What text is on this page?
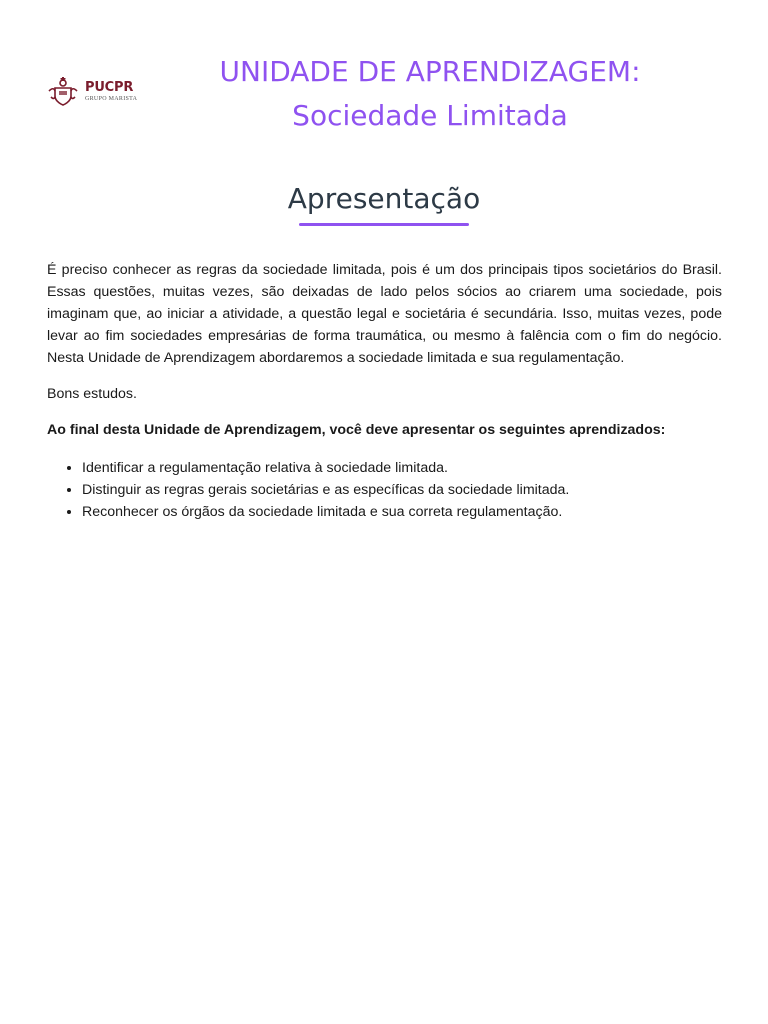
PUCPR
GRUPO MARISTA
UNIDADE DE APRENDIZAGEM:
Sociedade Limitada
Apresentação

É preciso conhecer as regras da sociedade limitada, pois é um dos principais tipos societários do Brasil. Essas questões, muitas vezes, são deixadas de lado pelos sócios ao criarem uma sociedade, pois imaginam que, ao iniciar a atividade, a questão legal e societária é secundária. Isso, muitas vezes, pode levar ao fim sociedades empresárias de forma traumática, ou mesmo à falência com o fim do negócio. Nesta Unidade de Aprendizagem abordaremos a sociedade limitada e sua regulamentação.

Bons estudos.

Ao final desta Unidade de Aprendizagem, você deve apresentar os seguintes aprendizados:

• Identificar a regulamentação relativa à sociedade limitada.
• Distinguir as regras gerais societárias e as específicas da sociedade limitada.
• Reconhecer os órgãos da sociedade limitada e sua correta regulamentação.
